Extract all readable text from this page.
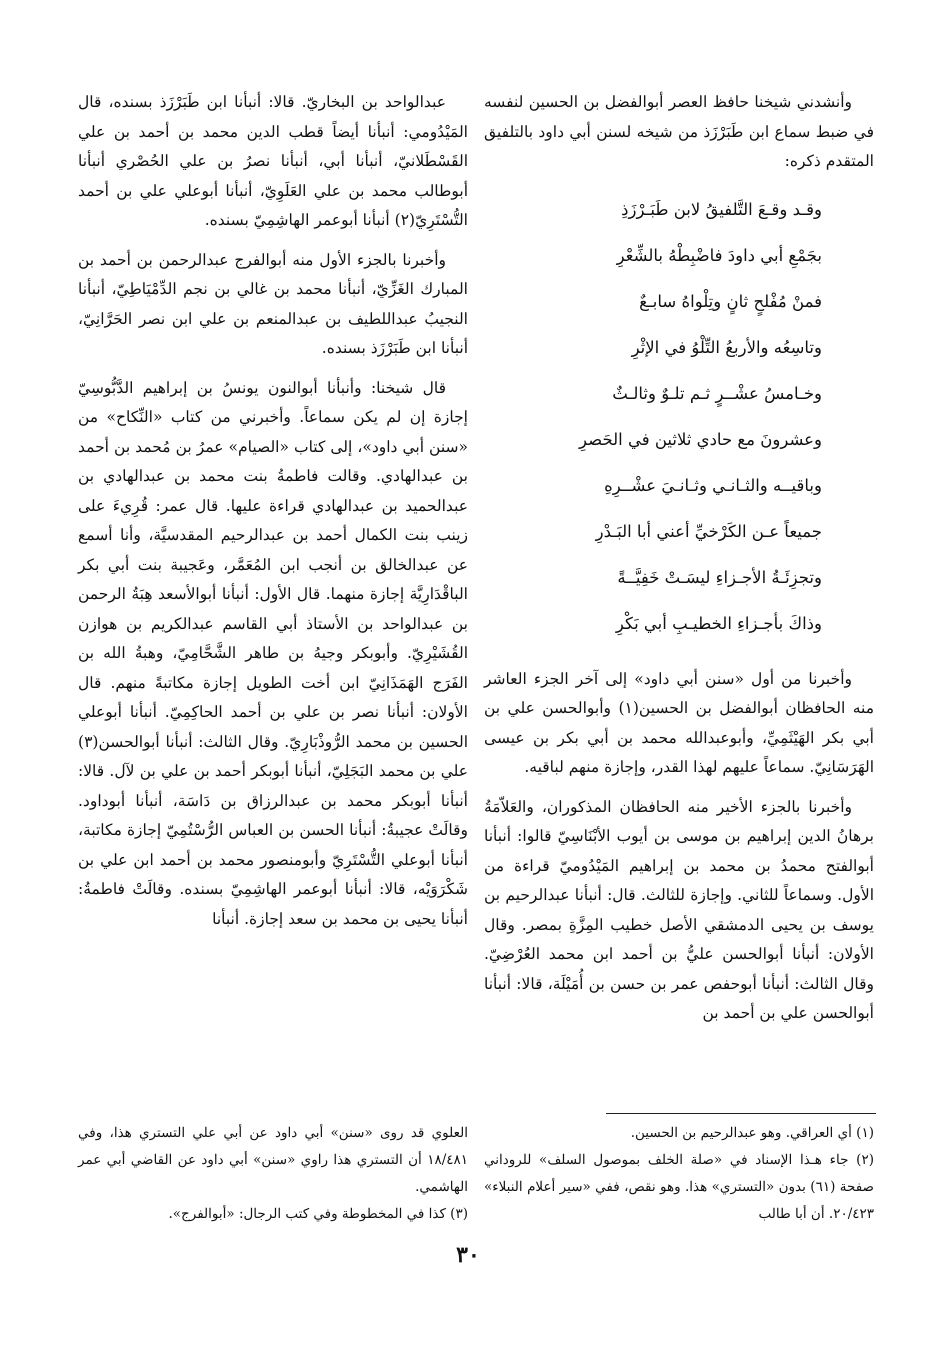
وأنشدني شيخنا حافظ العصر أبوالفضل بن الحسين لنفسه في ضبط سماع ابن طَبَرْزَذ من شيخه لسنن أبي داود بالتلفيق المتقدم ذكره:

وقـد وقـعَ التَّلفيقُ لابن طَبَـرْزَذِ
بجَمْعِ أبي داودَ فاضْبِطْهُ بالشِّعْرِ
فمنْ مُفْلحٍ ثانٍ وتِلْواهُ سابـعٌ
وتاسِعُه والأربعُ التِّلْوُ في الإثْرِ
وخـامسُ عشْــرٍ ثـم تلـوٌ وثالـثٌ
وعشرونَ مع حادي ثلاثين في الحَصرِ
وباقيــه والثـانـي وثـانـيَ عشْــرِهِ
جميعاً عـن الكَرْخيِّ أعني أبا البَـدْرِ
وتجزِئَـةُ الأجـزاءِ ليسَـتْ خَفِيَّــةً
وذاكَ بأجـزاءِ الخطيـبِ أبي بَكْرِ

وأخبرنا من أول «سنن أبي داود» إلى آخر الجزء العاشر منه الحافظان أبوالفضل بن الحسين(١) وأبوالحسن علي بن أبي بكر الهَيْثَمِيِّ، وأبوعبدالله محمد بن أبي بكر بن عيسى الهَرَسَانِيّ. سماعاً عليهم لهذا القدر، وإجازة منهم لباقيه.

وأخبرنا بالجزء الأخير منه الحافظان المذكوران، والعَلاّمَةُ برهانُ الدين إبراهيم بن موسى بن أيوب الأبْنَاسِيّ قالوا: أنبأنا أبوالفتح محمدُ بن محمد بن إبراهيم المَيْدُوميّ قراءة من الأول. وسماعاً للثاني. وإجازة للثالث. قال: أنبأنا عبدالرحيم بن يوسف بن يحيى الدمشقي الأصل خطيب المِزَّةِ بمصر. وقال الأولان: أنبأنا أبوالحسن عليُّ بن أحمد ابن محمد العُرْضِيّ. وقال الثالث: أنبأنا أبوحفص عمر بن حسن بن أُمَيْلَة، قالا: أنبأنا أبوالحسن علي بن أحمد بن

عبدالواحد بن البخاريّ. قالا: أنبأنا ابن طَبَرْزَذ بسنده، قال المَيْدُومي: أنبأنا أيضاً قطب الدين محمد بن أحمد بن علي القَسْطَلانيّ، أنبأنا أبي، أنبأنا نصرُ بن علي الحُصْري أنبأنا أبوطالب محمد بن علي العَلَوِيّ، أنبأنا أبوعلي علي بن أحمد التُّسْتَرِيّ(٢) أنبأنا أبوعمر الهاشِمِيّ بسنده.

وأخبرنا بالجزء الأول منه أبوالفرج عبدالرحمن بن أحمد بن المبارك الغَزِّيّ، أنبأنا محمد بن غالي بن نجم الدِّمْيَاطِيّ، أنبأنا النجيبُ عبداللطيف بن عبدالمنعم بن علي ابن نصر الحَرَّانِيّ، أنبأنا ابن طَبَرْزَذ بسنده.

قال شيخنا: وأنبأنا أبوالنون يونسُ بن إبراهيم الدَّبُّوسِيّ إجازة إن لم يكن سماعاً. وأخبرني من كتاب «النِّكاح» من «سنن أبي داود»، إلى كتاب «الصيام» عمرُ بن مُحمد بن أحمد بن عبدالهادي. وقالت فاطمةُ بنت محمد بن عبدالهادي بن عبدالحميد بن عبدالهادي قراءة عليها. قال عمر: قُرِيءَ على زينب بنت الكمال أحمد بن عبدالرحيم المقدسيَّة، وأنا أسمع عن عبدالخالق بن أنجب ابن المُعَمَّر، وعَجيبة بنت أبي بكر الباقْدَارِيَّة إجازة منهما. قال الأول: أنبأنا أبوالأسعد هِبَةُ الرحمن بن عبدالواحد بن الأستاذ أبي القاسم عبدالكريم بن هوازن القُشَيْرِيّ. وأبوبكر وجيهُ بن طاهر الشَّحَّامِيّ، وهبةُ الله بن الفَرَج الهَمَذَانِيّ ابن أخت الطويل إجازة مكاتبةً منهم. قال الأولان: أنبأنا نصر بن علي بن أحمد الحاكِمِيّ. أنبأنا أبوعلي الحسين بن محمد الرُّوذْبَارِيّ. وقال الثالث: أنبأنا أبوالحسن(٣) علي بن محمد البَجَلِيّ، أنبأنا أبوبكر أحمد بن علي بن لآل. قالا: أنبأنا أبوبكر محمد بن عبدالرزاق بن دَاسَة، أنبأنا أبوداود. وقالَتْ عجيبةُ: أنبأنا الحسن بن العباس الرُّسْتُمِيّ إجازة مكاتبة، أنبأنا أبوعلي التُّسْتَرِيّ وأبومنصور محمد بن أحمد ابن علي بن شَكْرَوَيْه، قالا: أنبأنا أبوعمر الهاشِمِيّ بسنده. وقالَتْ فاطمةُ: أنبأنا يحيى بن محمد بن سعد إجازة. أنبأنا

(١) أي العراقي. وهو عبدالرحيم بن الحسين.

(٢) جاء هـذا الإسناد في «صلة الخلف بموصول السلف» للروداني صفحة (٦١) بدون «التستري» هذا. وهو نقص، ففي «سير أعلام النبلاء» ٢٠/٤٢٣. أن أبا طالب

العلوي قد روى «سنن» أبي داود عن أبي علي التستري هذا، وفي ١٨/٤٨١ أن التستري هذا راوي «سنن» أبي داود عن القاضي أبي عمر الهاشمي.

(٣) كذا في المخطوطة وفي كتب الرجال: «أبوالفرج».

٣٠
